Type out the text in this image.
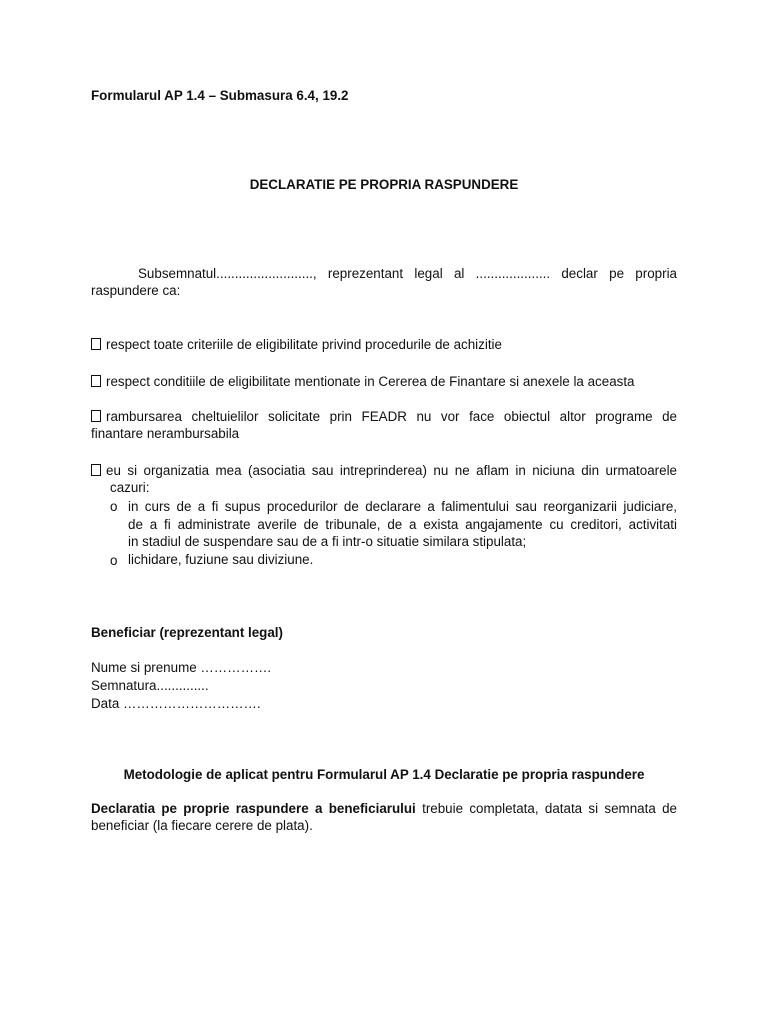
Formularul AP 1.4 – Submasura 6.4, 19.2
DECLARATIE PE PROPRIA RASPUNDERE
Subsemnatul.........................., reprezentant legal al .................... declar pe propria
raspundere ca:
respect toate criteriile de eligibilitate privind procedurile de achizitie
respect conditiile de eligibilitate mentionate in Cererea de Finantare si anexele la aceasta
rambursarea cheltuielilor solicitate prin FEADR nu vor face obiectul altor programe de
finantare nerambursabila
eu si organizatia mea (asociatia sau intreprinderea) nu ne aflam in niciuna din urmatoarele
cazuri:
o in curs de a fi supus procedurilor de declarare a falimentului sau reorganizarii judiciare,
de a fi administrate averile de tribunale, de a exista angajamente cu creditori, activitati
in stadiul de suspendare sau de a fi intr-o situatie similara stipulata;
o lichidare, fuziune sau diviziune.
Beneficiar (reprezentant legal)
Nume si prenume …………….
Semnatura..............
Data ………………………….
Metodologie de aplicat pentru Formularul AP 1.4 Declaratie pe propria raspundere
Declaratia pe proprie raspundere a beneficiarului trebuie completata, datata si semnata de
beneficiar (la fiecare cerere de plata).
